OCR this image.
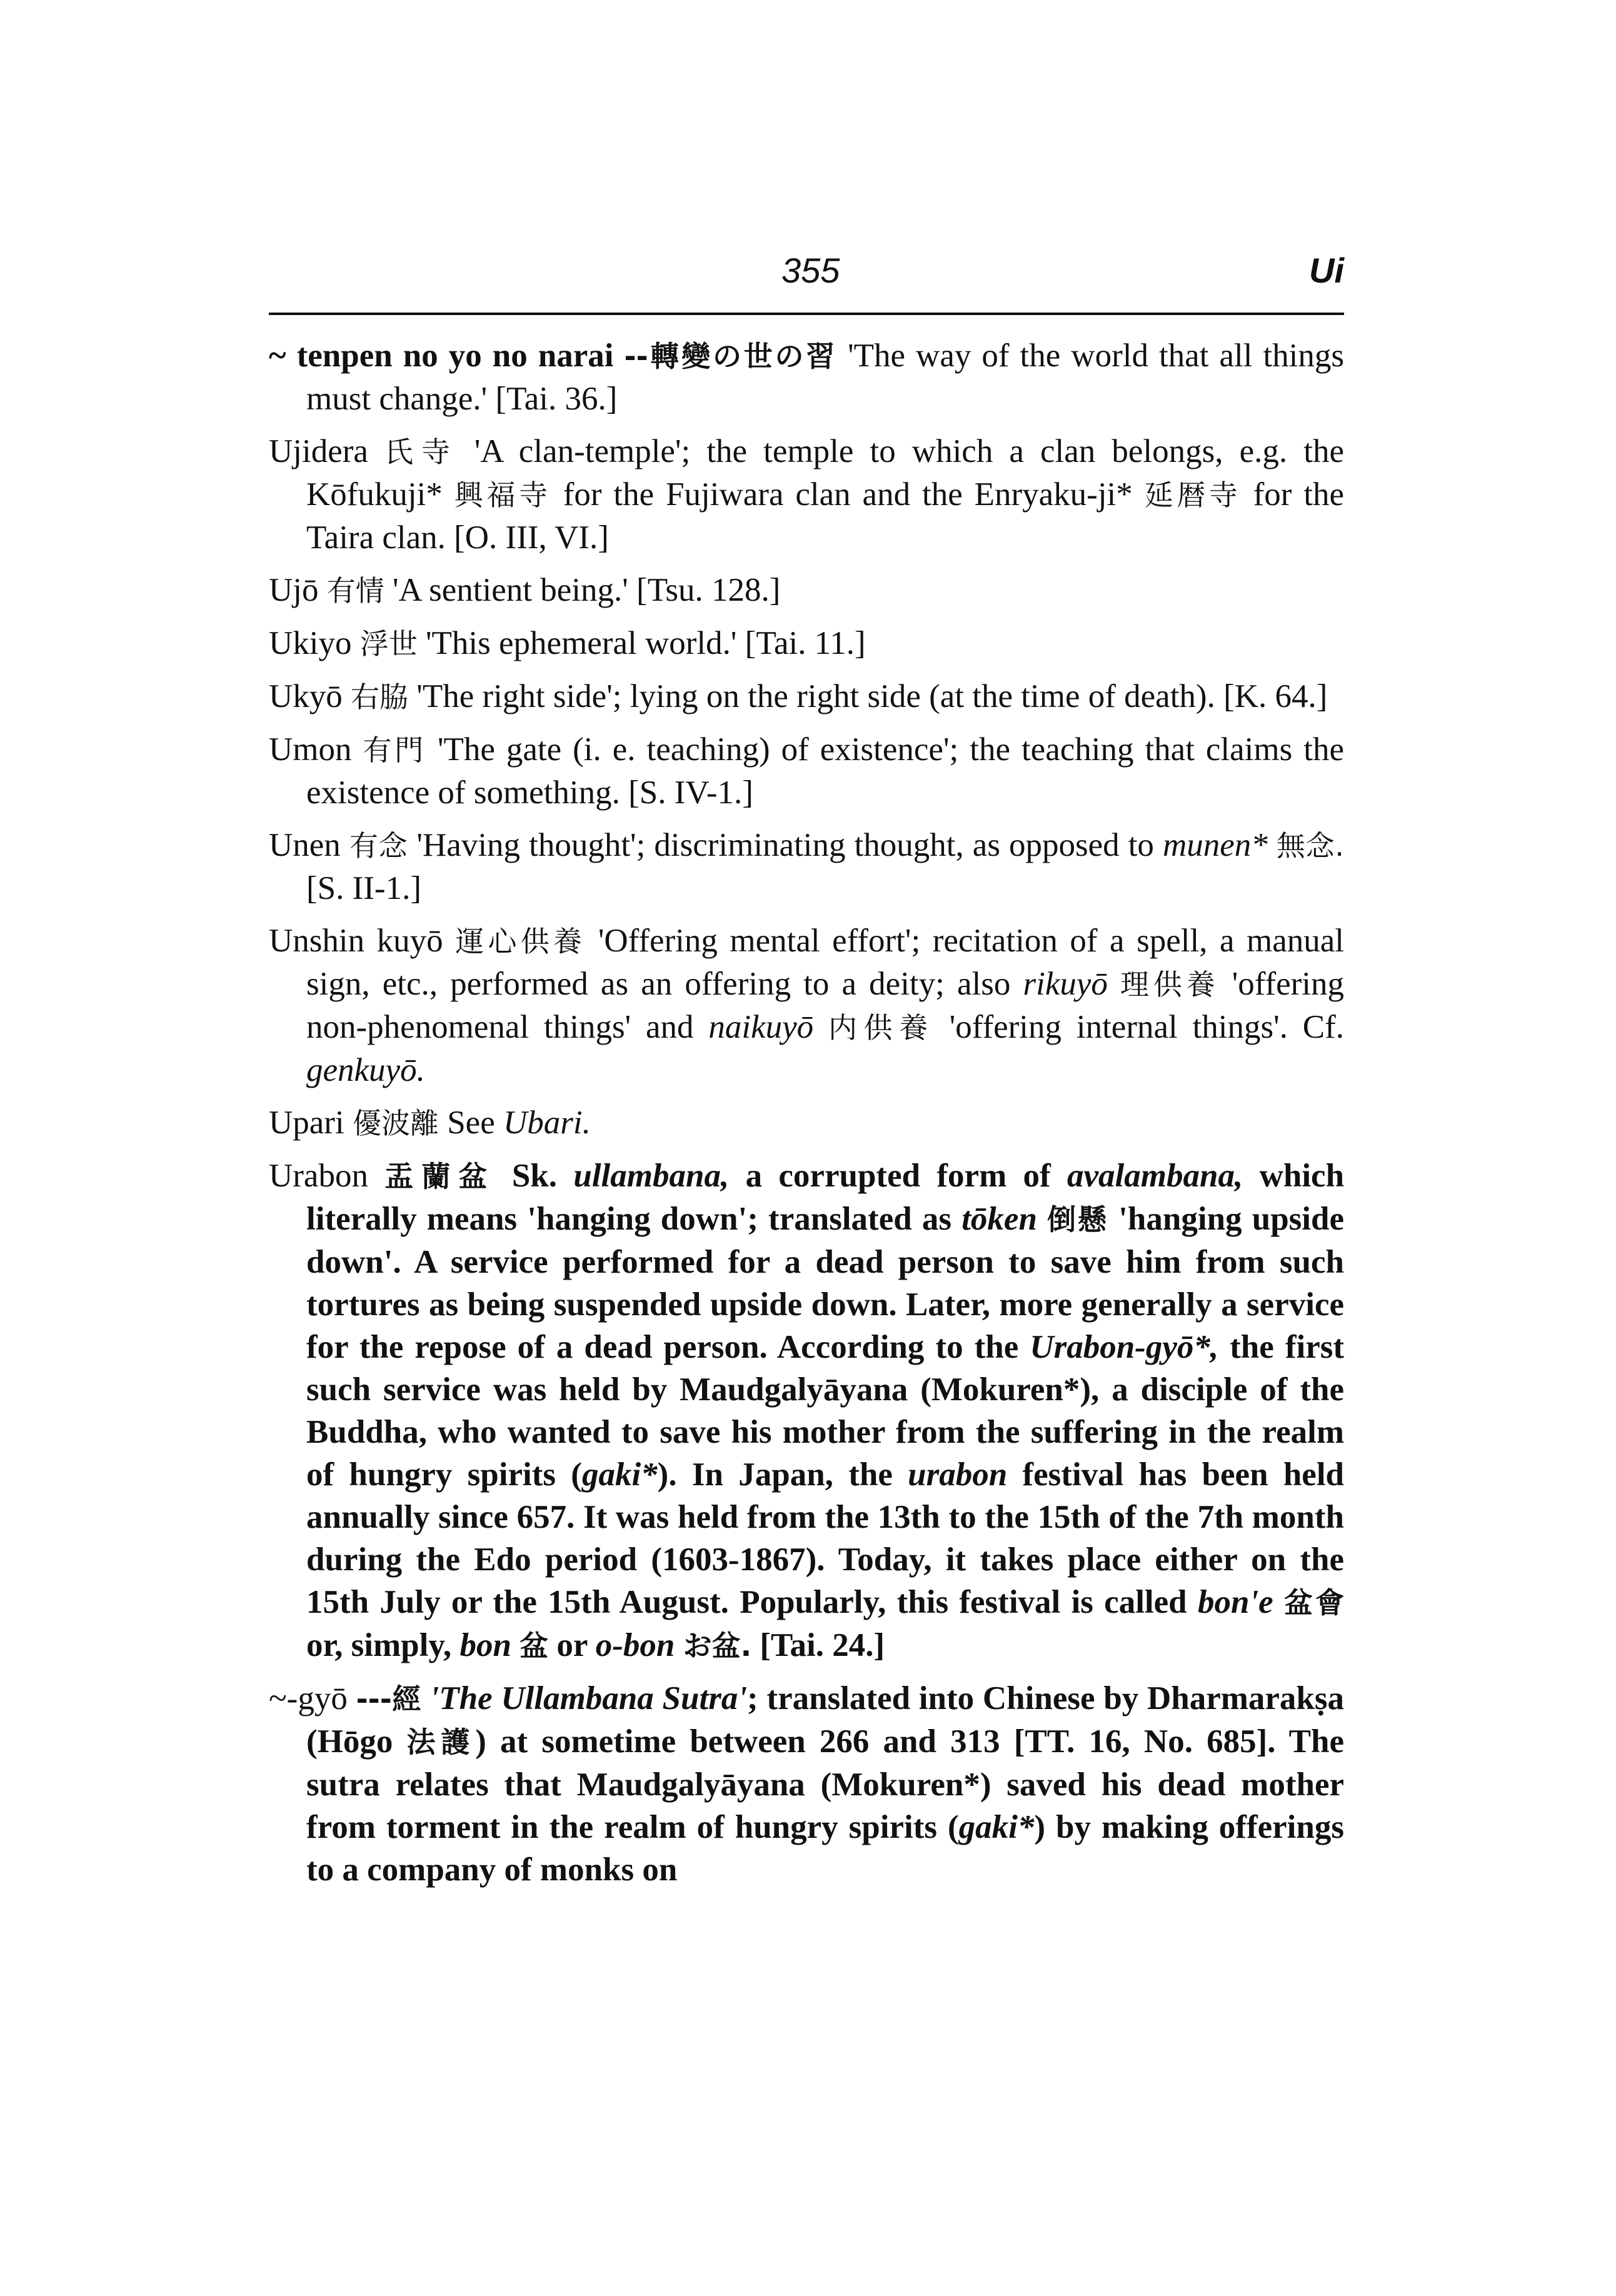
355	Ui

~ tenpen no yo no narai --轉變の世の習 'The way of the world that all things must change.' [Tai. 36.]

Ujidera 氏寺 'A clan-temple'; the temple to which a clan belongs, e.g. the Kōfukuji* 興福寺 for the Fujiwara clan and the Enryaku-ji* 延暦寺 for the Taira clan. [O. III, VI.]

Ujō 有情 'A sentient being.' [Tsu. 128.]

Ukiyo 浮世 'This ephemeral world.' [Tai. 11.]

Ukyō 右脇 'The right side'; lying on the right side (at the time of death). [K. 64.]

Umon 有門 'The gate (i. e. teaching) of existence'; the teaching that claims the existence of something. [S. IV-1.]

Unen 有念 'Having thought'; discriminating thought, as opposed to munen* 無念. [S. II-1.]

Unshin kuyō 運心供養 'Offering mental effort'; recitation of a spell, a manual sign, etc., performed as an offering to a deity; also rikuyō 理供養 'offering non-phenomenal things' and naikuyō 内供養 'offering internal things'. Cf. genkuyō.

Upari 優波離 See Ubari.

Urabon 盂蘭盆 Sk. ullambana, a corrupted form of avalambana, which literally means 'hanging down'; translated as tōken 倒懸 'hanging upside down'. A service performed for a dead person to save him from such tortures as being suspended upside down. Later, more generally a service for the repose of a dead person. According to the Urabon-gyō*, the first such service was held by Maudgalyāyana (Mokuren*), a disciple of the Buddha, who wanted to save his mother from the suffering in the realm of hungry spirits (gaki*). In Japan, the urabon festival has been held annually since 657. It was held from the 13th to the 15th of the 7th month during the Edo period (1603-1867). Today, it takes place either on the 15th July or the 15th August. Popularly, this festival is called bon'e 盆會 or, simply, bon 盆 or o-bon お盆. [Tai. 24.]

~-gyō ---經 'The Ullambana Sutra'; translated into Chinese by Dharmarakṣa (Hōgo 法護) at sometime between 266 and 313 [TT. 16, No. 685]. The sutra relates that Maudgalyāyana (Mokuren*) saved his dead mother from torment in the realm of hungry spirits (gaki*) by making offerings to a company of monks on
